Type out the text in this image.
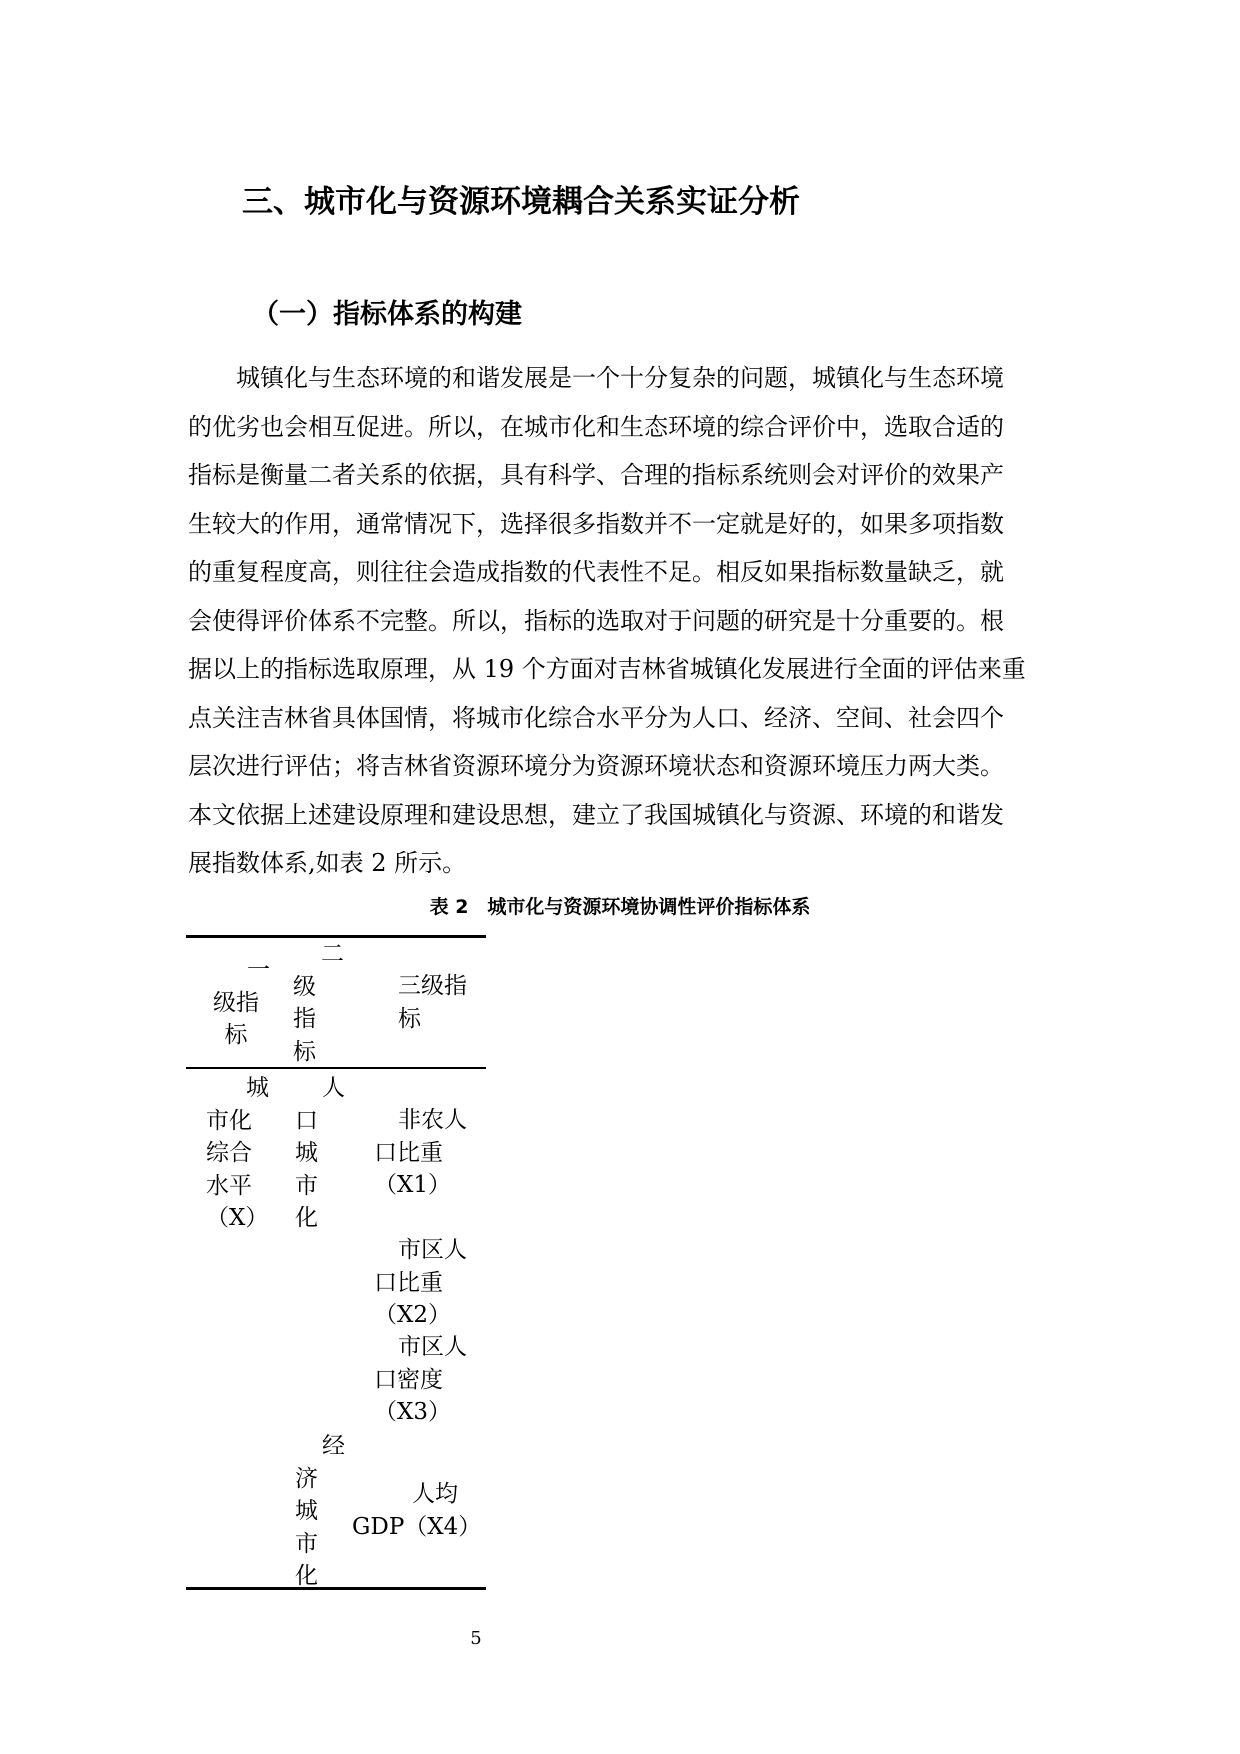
三、城市化与资源环境耦合关系实证分析
（一）指标体系的构建
城镇化与生态环境的和谐发展是一个十分复杂的问题，城镇化与生态环境
的优劣也会相互促进。所以，在城市化和生态环境的综合评价中，选取合适的
指标是衡量二者关系的依据，具有科学、合理的指标系统则会对评价的效果产
生较大的作用，通常情况下，选择很多指数并不一定就是好的，如果多项指数
的重复程度高，则往往会造成指数的代表性不足。相反如果指标数量缺乏，就
会使得评价体系不完整。所以，指标的选取对于问题的研究是十分重要的。根
据以上的指标选取原理，从 19 个方面对吉林省城镇化发展进行全面的评估来重
点关注吉林省具体国情，将城市化综合水平分为人口、经济、空间、社会四个
层次进行评估；将吉林省资源环境分为资源环境状态和资源环境压力两大类。
本文依据上述建设原理和建设思想，建立了我国城镇化与资源、环境的和谐发
展指数体系,如表 2 所示。
表 2　城市化与资源环境协调性评价指标体系
一
级指
标
二
级
指
标
三级指
标
城
市化
综合
水平
（X）
人
口
城
市
化
非农人
口比重
（X1）
市区人
口比重
（X2）
市区人
口密度
（X3）
经
济
城
市
化
人均
GDP（X4）
5
